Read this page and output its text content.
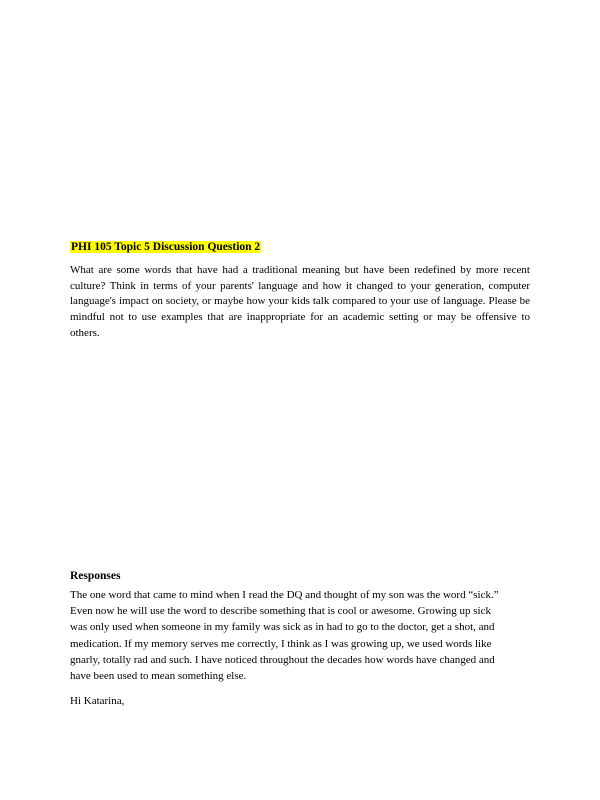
PHI 105 Topic 5 Discussion Question 2
What are some words that have had a traditional meaning but have been redefined by more recent culture? Think in terms of your parents' language and how it changed to your generation, computer language's impact on society, or maybe how your kids talk compared to your use of language. Please be mindful not to use examples that are inappropriate for an academic setting or may be offensive to others.
Responses
The one word that came to mind when I read the DQ and thought of my son was the word “sick.”
Even now he will use the word to describe something that is cool or awesome. Growing up sick
was only used when someone in my family was sick as in had to go to the doctor, get a shot, and
medication. If my memory serves me correctly, I think as I was growing up, we used words like
gnarly, totally rad and such. I have noticed throughout the decades how words have changed and
have been used to mean something else.
Hi Katarina,
